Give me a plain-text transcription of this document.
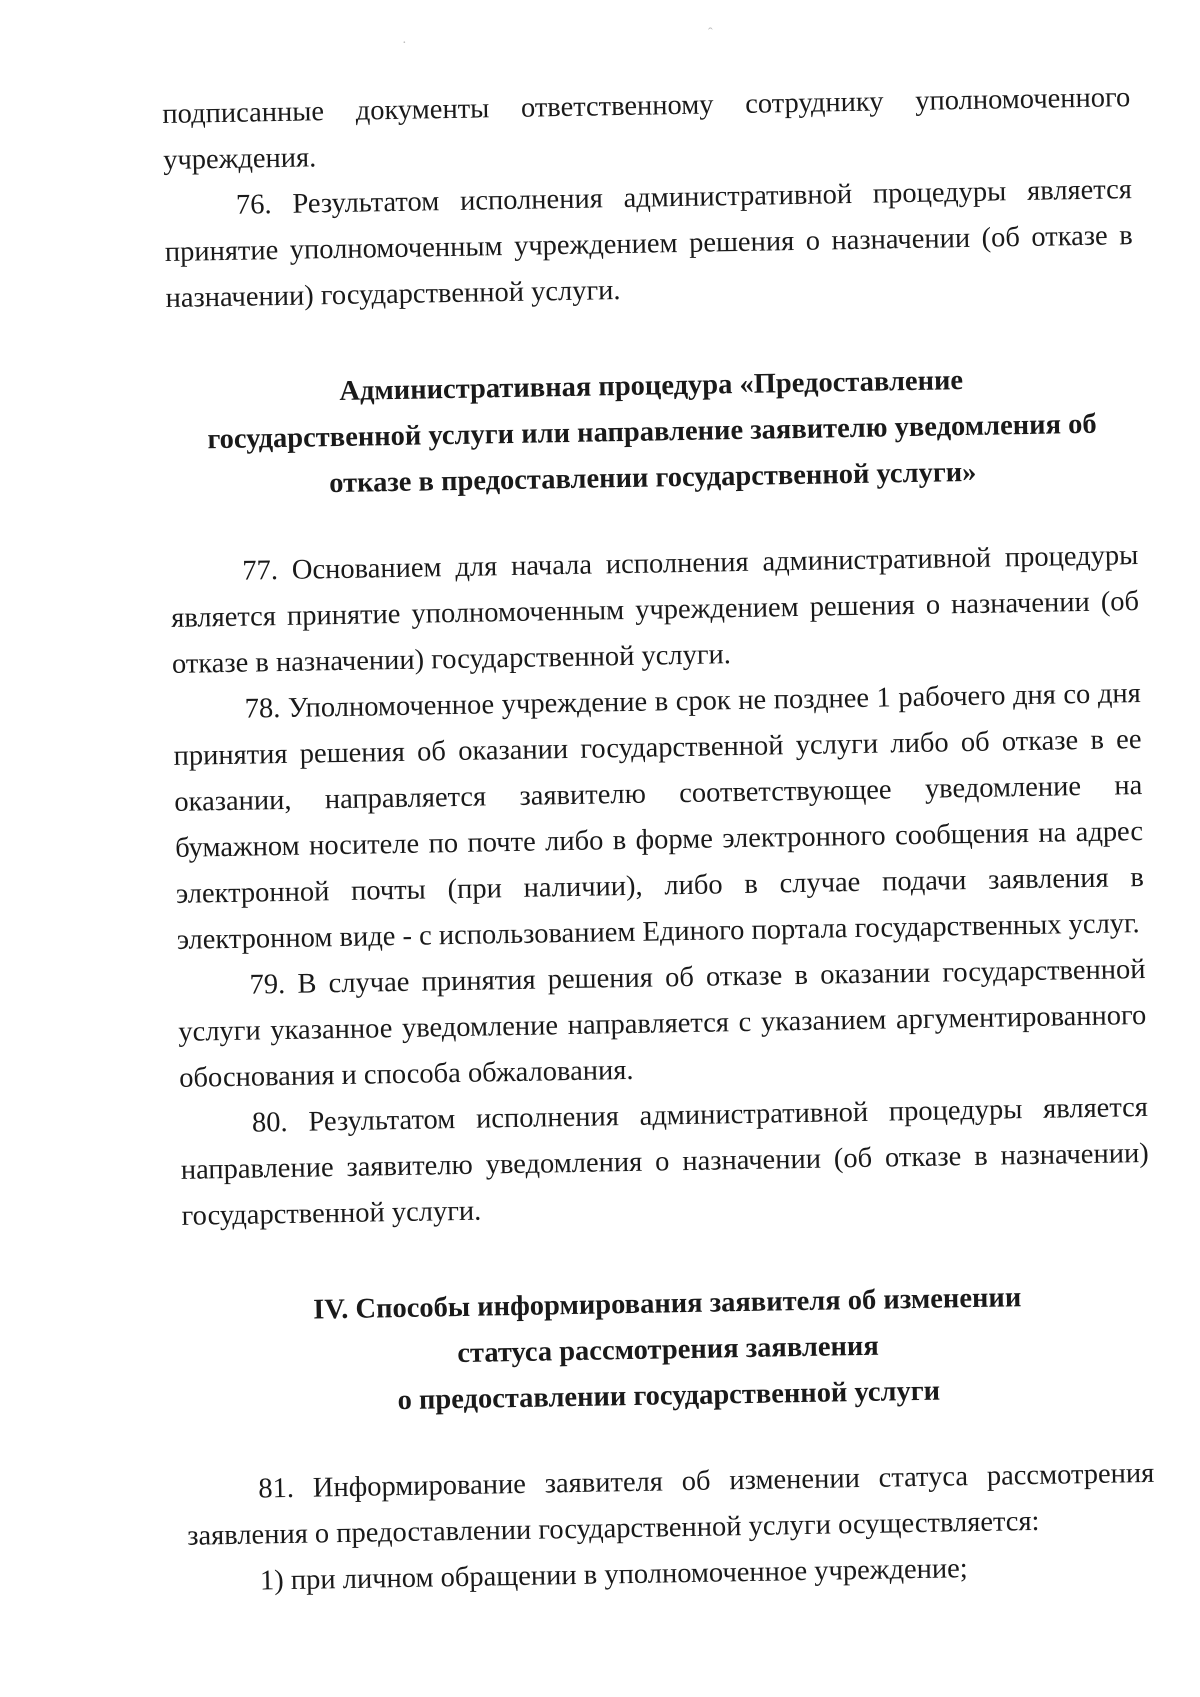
·
ˆ

подписанные документы ответственному сотруднику уполномоченного учреждения.

76. Результатом исполнения административной процедуры является принятие уполномоченным учреждением решения о назначении (об отказе в назначении) государственной услуги.

Административная процедура «Предоставление

государственной услуги или направление заявителю уведомления об

отказе в предоставлении государственной услуги»

77. Основанием для начала исполнения административной процедуры является принятие уполномоченным учреждением решения о назначении (об отказе в назначении) государственной услуги.

78. Уполномоченное учреждение в срок не позднее 1 рабочего дня со дня принятия решения об оказании государственной услуги либо об отказе в ее оказании, направляется заявителю соответствующее уведомление на бумажном носителе по почте либо в форме электронного сообщения на адрес электронной почты (при наличии), либо в случае подачи заявления в электронном виде - с использованием Единого портала государственных услуг.

79. В случае принятия решения об отказе в оказании государственной услуги указанное уведомление направляется с указанием аргументированного обоснования и способа обжалования.

80. Результатом исполнения административной процедуры является направление заявителю уведомления о назначении (об отказе в назначении) государственной услуги.

IV. Способы информирования заявителя об изменении

статуса рассмотрения заявления

о предоставлении государственной услуги

81. Информирование заявителя об изменении статуса рассмотрения заявления о предоставлении государственной услуги осуществляется:

1) при личном обращении в уполномоченное учреждение;
